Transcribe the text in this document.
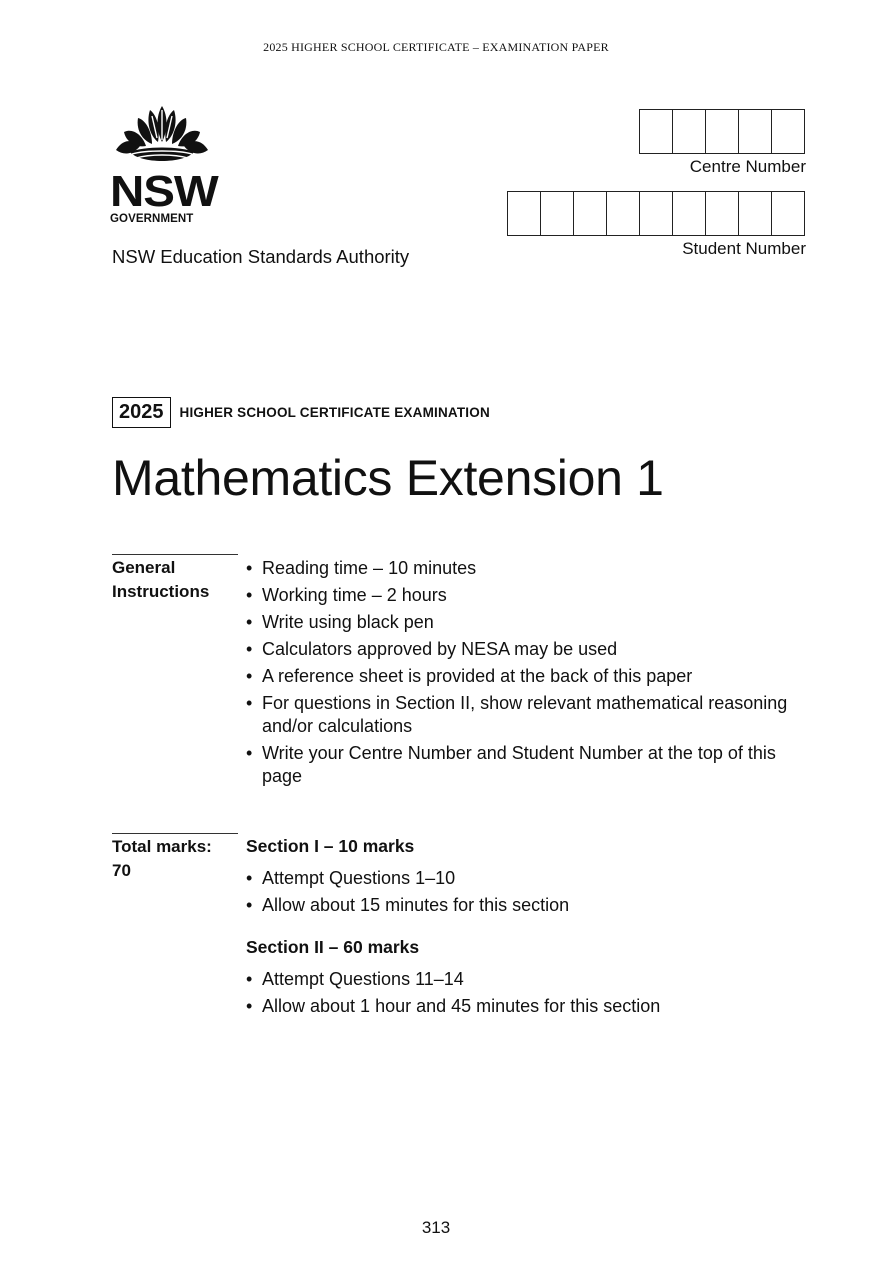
2025 HIGHER SCHOOL CERTIFICATE – EXAMINATION PAPER
NSW
GOVERNMENT
NSW Education Standards Authority
Centre Number
Student Number
2025	HIGHER SCHOOL CERTIFICATE EXAMINATION
Mathematics Extension 1
General Instructions
• Reading time – 10 minutes
• Working time – 2 hours
• Write using black pen
• Calculators approved by NESA may be used
• A reference sheet is provided at the back of this paper
• For questions in Section II, show relevant mathematical reasoning and/or calculations
• Write your Centre Number and Student Number at the top of this page
Total marks: 70
Section I – 10 marks
• Attempt Questions 1–10
• Allow about 15 minutes for this section
Section II – 60 marks
• Attempt Questions 11–14
• Allow about 1 hour and 45 minutes for this section
313
